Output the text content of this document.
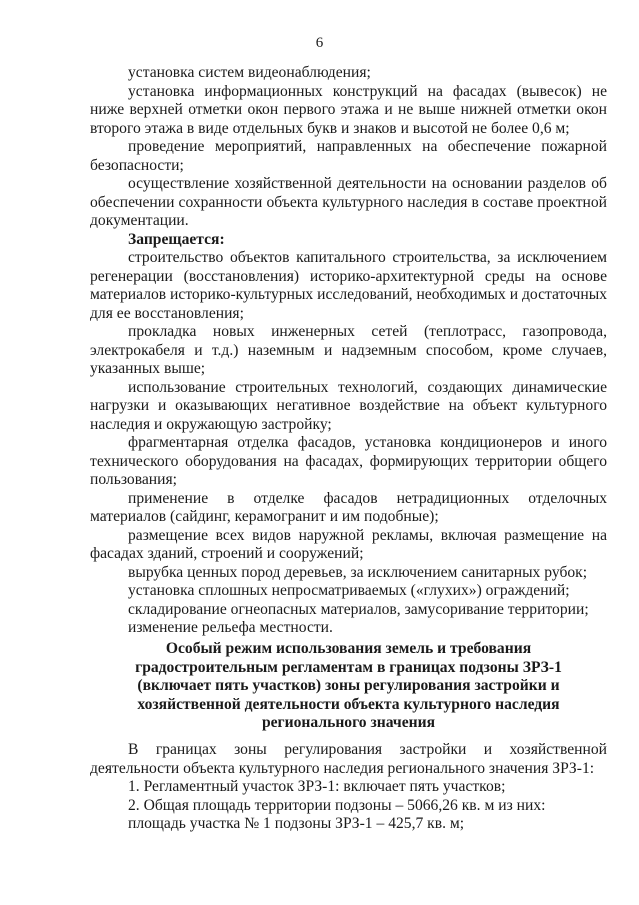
6

установка систем видеонаблюдения;

установка информационных конструкций на фасадах (вывесок) не ниже верхней отметки окон первого этажа и не выше нижней отметки окон второго этажа в виде отдельных букв и знаков и высотой не более 0,6 м;

проведение мероприятий, направленных на обеспечение пожарной безопасности;

осуществление хозяйственной деятельности на основании разделов об обеспечении сохранности объекта культурного наследия в составе проектной документации.

Запрещается:

строительство объектов капитального строительства, за исключением регенерации (восстановления) историко-архитектурной среды на основе материалов историко-культурных исследований, необходимых и достаточных для ее восстановления;

прокладка новых инженерных сетей (теплотрасс, газопровода, электрокабеля и т.д.) наземным и надземным способом, кроме случаев, указанных выше;

использование строительных технологий, создающих динамические нагрузки и оказывающих негативное воздействие на объект культурного наследия и окружающую застройку;

фрагментарная отделка фасадов, установка кондиционеров и иного технического оборудования на фасадах, формирующих территории общего пользования;

применение в отделке фасадов нетрадиционных отделочных материалов (сайдинг, керамогранит и им подобные);

размещение всех видов наружной рекламы, включая размещение на фасадах зданий, строений и сооружений;

вырубка ценных пород деревьев, за исключением санитарных рубок;

установка сплошных непросматриваемых («глухих») ограждений;

складирование огнеопасных материалов, замусоривание территории;

изменение рельефа местности.

Особый режим использования земель и требования
градостроительным регламентам в границах подзоны ЗРЗ-1
(включает пять участков) зоны регулирования застройки и
хозяйственной деятельности объекта культурного наследия
регионального значения

В границах зоны регулирования застройки и хозяйственной деятельности объекта культурного наследия регионального значения ЗРЗ-1:

1. Регламентный участок ЗРЗ-1: включает пять участков;

2. Общая площадь территории подзоны – 5066,26 кв. м из них:

площадь участка № 1 подзоны ЗРЗ-1 – 425,7 кв. м;
